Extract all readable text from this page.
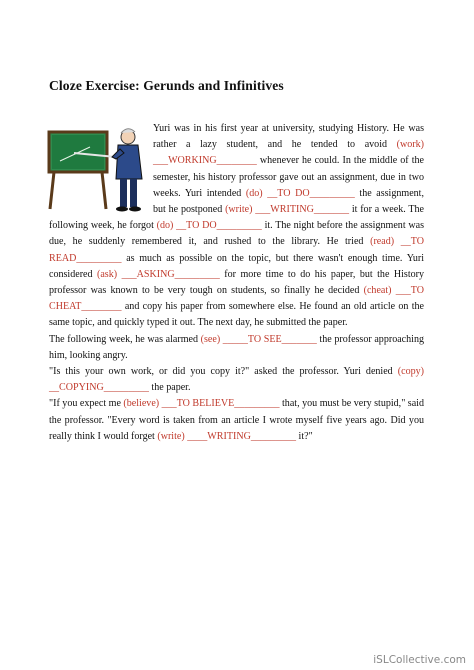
Cloze Exercise: Gerunds and Infinitives

Yuri was in his first year at university, studying History. He was rather a lazy student, and he tended to avoid (work) ___WORKING________ whenever he could. In the middle of the semester, his history professor gave out an assignment, due in two weeks. Yuri intended (do) __TO DO_________ the assignment, but he postponed (write) ___WRITING_______ it for a week. The following week, he forgot (do) __TO DO_________ it. The night before the assignment was due, he suddenly remembered it, and rushed to the library. He tried (read) __TO READ_________ as much as possible on the topic, but there wasn't enough time. Yuri considered (ask) ___ASKING_________ for more time to do his paper, but the History professor was known to be very tough on students, so finally he decided (cheat) ___TO CHEAT________ and copy his paper from somewhere else. He found an old article on the same topic, and quickly typed it out. The next day, he submitted the paper.

The following week, he was alarmed (see) _____TO SEE_______ the professor approaching him, looking angry.

"Is this your own work, or did you copy it?" asked the professor. Yuri denied (copy) __COPYING_________ the paper.

"If you expect me (believe) ___TO BELIEVE_________ that, you must be very stupid," said the professor. "Every word is taken from an article I wrote myself five years ago. Did you really think I would forget (write) ____WRITING_________ it?"

iSLCollective.com
